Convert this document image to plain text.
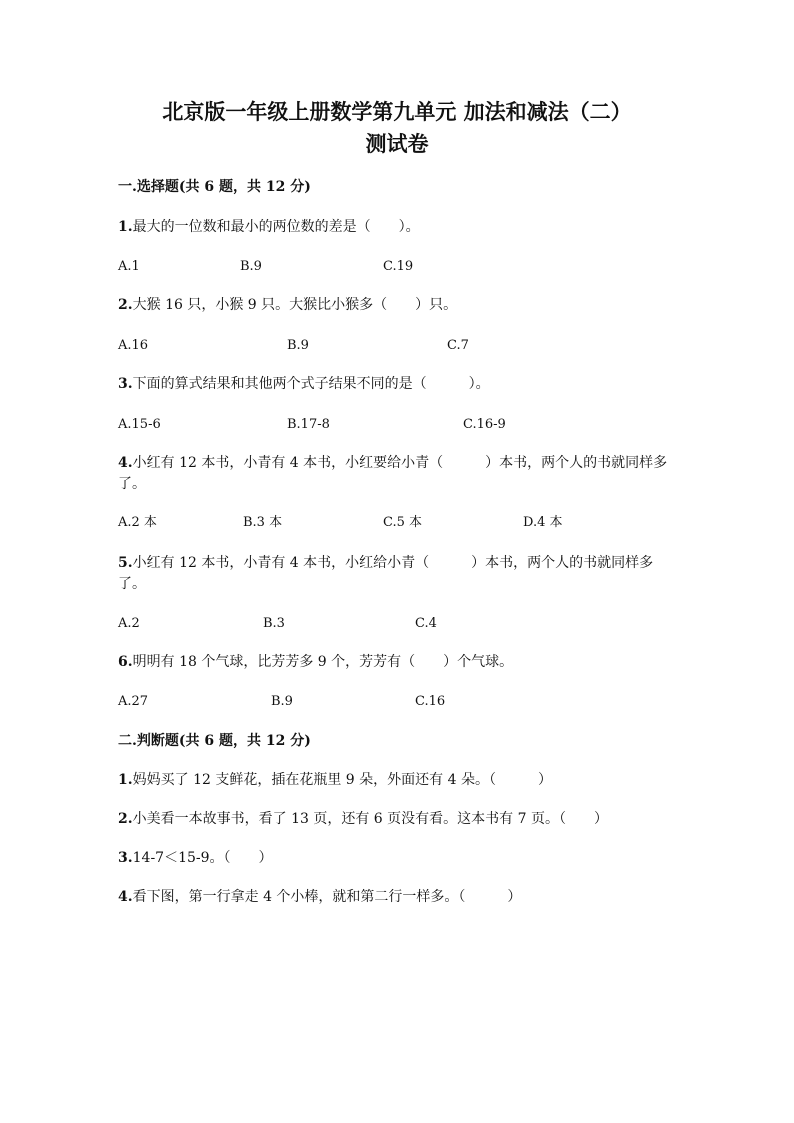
北京版一年级上册数学第九单元 加法和减法（二）
测试卷
一.选择题(共 6 题，共 12 分)
1.最大的一位数和最小的两位数的差是（　　）。
A.1	B.9	C.19
2.大猴 16 只，小猴 9 只。大猴比小猴多（　　）只。
A.16	B.9	C.7
3.下面的算式结果和其他两个式子结果不同的是（　　　）。
A.15-6	B.17-8	C.16-9
4.小红有 12 本书，小青有 4 本书，小红要给小青（　　　）本书，两个人的书就同样多了。
A.2 本	B.3 本	C.5 本	D.4 本
5.小红有 12 本书，小青有 4 本书，小红给小青（　　　）本书，两个人的书就同样多了。
A.2	B.3	C.4
6.明明有 18 个气球，比芳芳多 9 个，芳芳有（　　）个气球。
A.27	B.9	C.16
二.判断题(共 6 题，共 12 分)
1.妈妈买了 12 支鲜花，插在花瓶里 9 朵，外面还有 4 朵。（　　　）
2.小美看一本故事书，看了 13 页，还有 6 页没有看。这本书有 7 页。（　　）
3.14-7＜15-9。（　　）
4.看下图，第一行拿走 4 个小棒，就和第二行一样多。（　　　）
